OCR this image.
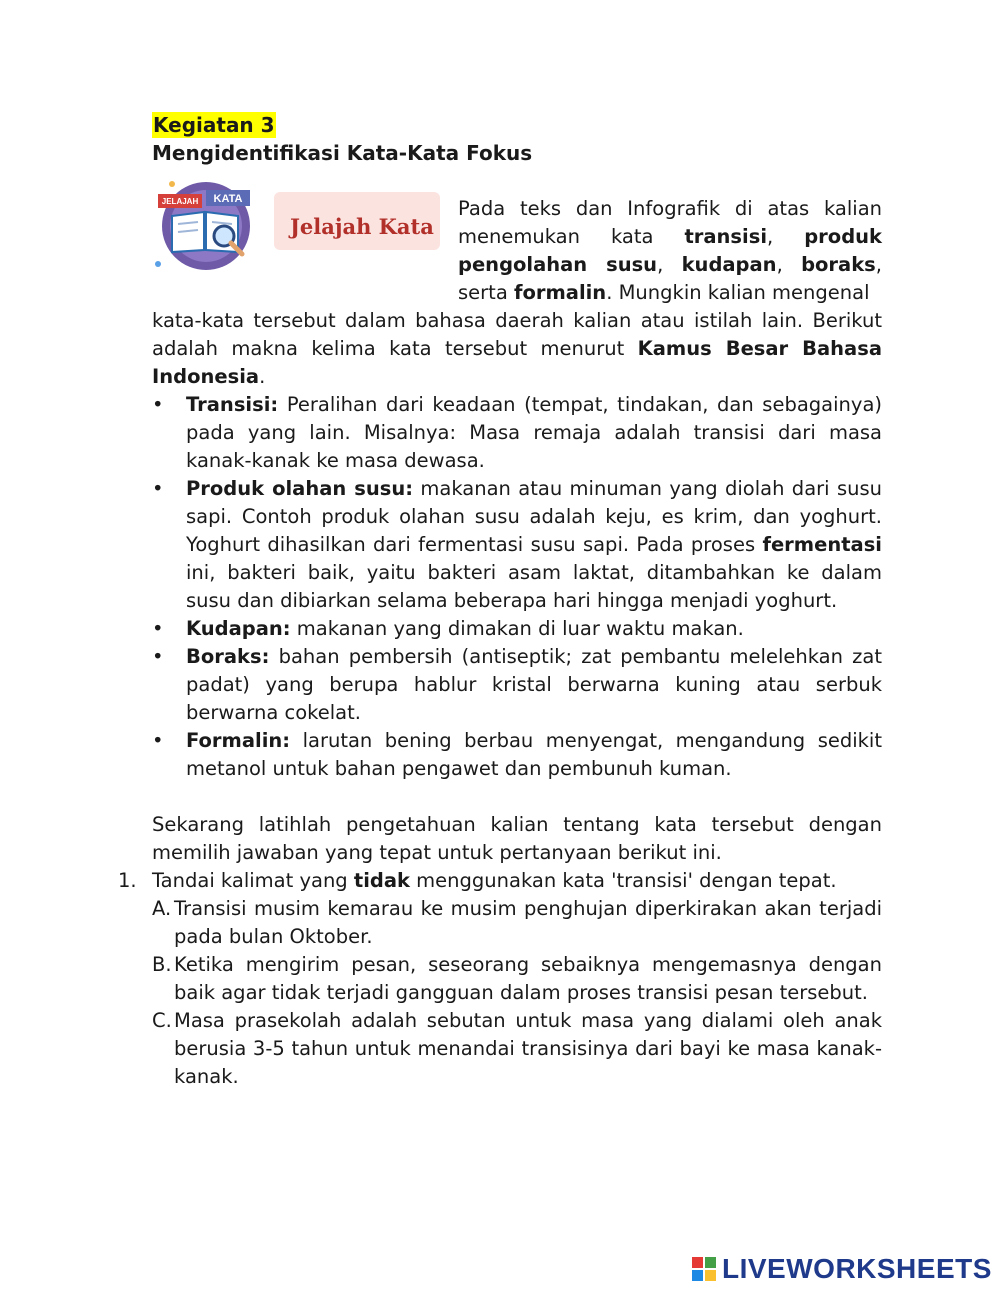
Kegiatan 3
Mengidentifikasi Kata-Kata Fokus
JELAJAH KATA
Jelajah Kata
Pada teks dan Infografik di atas kalian menemukan kata transisi, produk pengolahan susu, kudapan, boraks, serta formalin. Mungkin kalian mengenal
kata-kata tersebut dalam bahasa daerah kalian atau istilah lain. Berikut adalah makna kelima kata tersebut menurut Kamus Besar Bahasa Indonesia.
•	Transisi: Peralihan dari keadaan (tempat, tindakan, dan sebagainya) pada yang lain. Misalnya: Masa remaja adalah transisi dari masa kanak-kanak ke masa dewasa.
•	Produk olahan susu: makanan atau minuman yang diolah dari susu sapi. Contoh produk olahan susu adalah keju, es krim, dan yoghurt. Yoghurt dihasilkan dari fermentasi susu sapi. Pada proses fermentasi ini, bakteri baik, yaitu bakteri asam laktat, ditambahkan ke dalam susu dan dibiarkan selama beberapa hari hingga menjadi yoghurt.
•	Kudapan: makanan yang dimakan di luar waktu makan.
•	Boraks: bahan pembersih (antiseptik; zat pembantu melelehkan zat padat) yang berupa hablur kristal berwarna kuning atau serbuk berwarna cokelat.
•	Formalin: larutan bening berbau menyengat, mengandung sedikit metanol untuk bahan pengawet dan pembunuh kuman.
Sekarang latihlah pengetahuan kalian tentang kata tersebut dengan memilih jawaban yang tepat untuk pertanyaan berikut ini.
1. Tandai kalimat yang tidak menggunakan kata 'transisi' dengan tepat.
A. Transisi musim kemarau ke musim penghujan diperkirakan akan terjadi pada bulan Oktober.
B. Ketika mengirim pesan, seseorang sebaiknya mengemasnya dengan baik agar tidak terjadi gangguan dalam proses transisi pesan tersebut.
C. Masa prasekolah adalah sebutan untuk masa yang dialami oleh anak berusia 3-5 tahun untuk menandai transisinya dari bayi ke masa kanak-kanak.
LIVEWORKSHEETS
